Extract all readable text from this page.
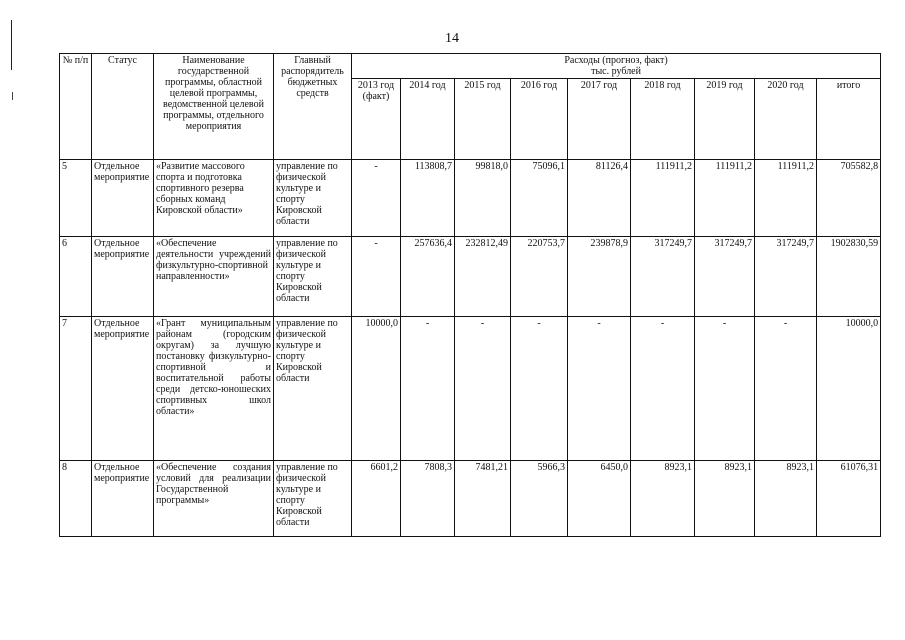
14
№ п/п	Статус	Наименование государственной программы, областной целевой программы, ведомственной целевой программы, отдельного мероприятия	Главный распорядитель бюджетных средств	Расходы (прогноз, факт)
тыс. рублей								

				2013 год (факт)	2014 год	2015 год	2016 год	2017 год	2018 год	2019 год	2020 год	итого
5	Отдельное мероприятие	«Развитие массового спорта и подготовка спортивного резерва сборных команд Кировской области»	управление по физической культуре и спорту Кировской области	-	113808,7	99818,0	75096,1	81126,4	111911,2	111911,2	111911,2	705582,8
6	Отдельное мероприятие	«Обеспечение деятельности учреждений физкультурно-спортивной направленности»	управление по физической культуре и спорту Кировской области	-	257636,4	232812,49	220753,7	239878,9	317249,7	317249,7	317249,7	1902830,59
7	Отдельное мероприятие	«Грант муниципальным районам (городским округам) за лучшую постановку физкультурно-спортивной и воспитательной работы среди детско-юношеских спортивных школ области»	управление по физической культуре и спорту Кировской области	10000,0	-	-	-	-	-	-	-	10000,0
8	Отдельное мероприятие	«Обеспечение создания условий для реализации Государственной программы»	управление по физической культуре и спорту Кировской области	6601,2	7808,3	7481,21	5966,3	6450,0	8923,1	8923,1	8923,1	61076,31
